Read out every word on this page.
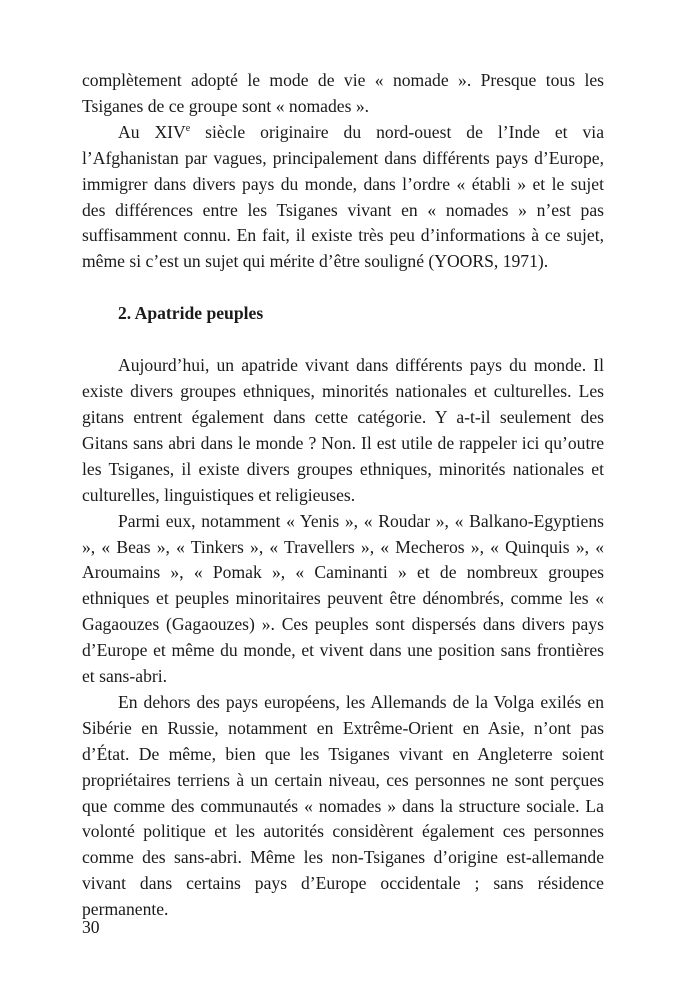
complètement adopté le mode de vie « nomade ». Presque tous les Tsiganes de ce groupe sont « nomades ».

Au XIVe siècle originaire du nord-ouest de l’Inde et via l’Afghanistan par vagues, principalement dans différents pays d’Europe, immigrer dans divers pays du monde, dans l’ordre « établi » et le sujet des différences entre les Tsiganes vivant en « nomades » n’est pas suffisamment connu. En fait, il existe très peu d’informations à ce sujet, même si c’est un sujet qui mérite d’être souligné (YOORS, 1971).

2. Apatride peuples

Aujourd’hui, un apatride vivant dans différents pays du monde. Il existe divers groupes ethniques, minorités nationales et culturelles. Les gitans entrent également dans cette catégorie. Y a-t-il seulement des Gitans sans abri dans le monde ? Non. Il est utile de rappeler ici qu’outre les Tsiganes, il existe divers groupes ethniques, minorités nationales et culturelles, linguistiques et religieuses.

Parmi eux, notamment « Yenis », « Roudar », « Balkano-Egyptiens », « Beas », « Tinkers », « Travellers », « Mecheros », « Quinquis », « Aroumains », « Pomak », « Caminanti » et de nombreux groupes ethniques et peuples minoritaires peuvent être dénombrés, comme les « Gagaouzes (Gagaouzes) ». Ces peuples sont dispersés dans divers pays d’Europe et même du monde, et vivent dans une position sans frontières et sans-abri.

En dehors des pays européens, les Allemands de la Volga exilés en Sibérie en Russie, notamment en Extrême-Orient en Asie, n’ont pas d’État. De même, bien que les Tsiganes vivant en Angleterre soient propriétaires terriens à un certain niveau, ces personnes ne sont perçues que comme des communautés « nomades » dans la structure sociale. La volonté politique et les autorités considèrent également ces personnes comme des sans-abri. Même les non-Tsiganes d’origine est-allemande vivant dans certains pays d’Europe occidentale ; sans résidence permanente.

30
